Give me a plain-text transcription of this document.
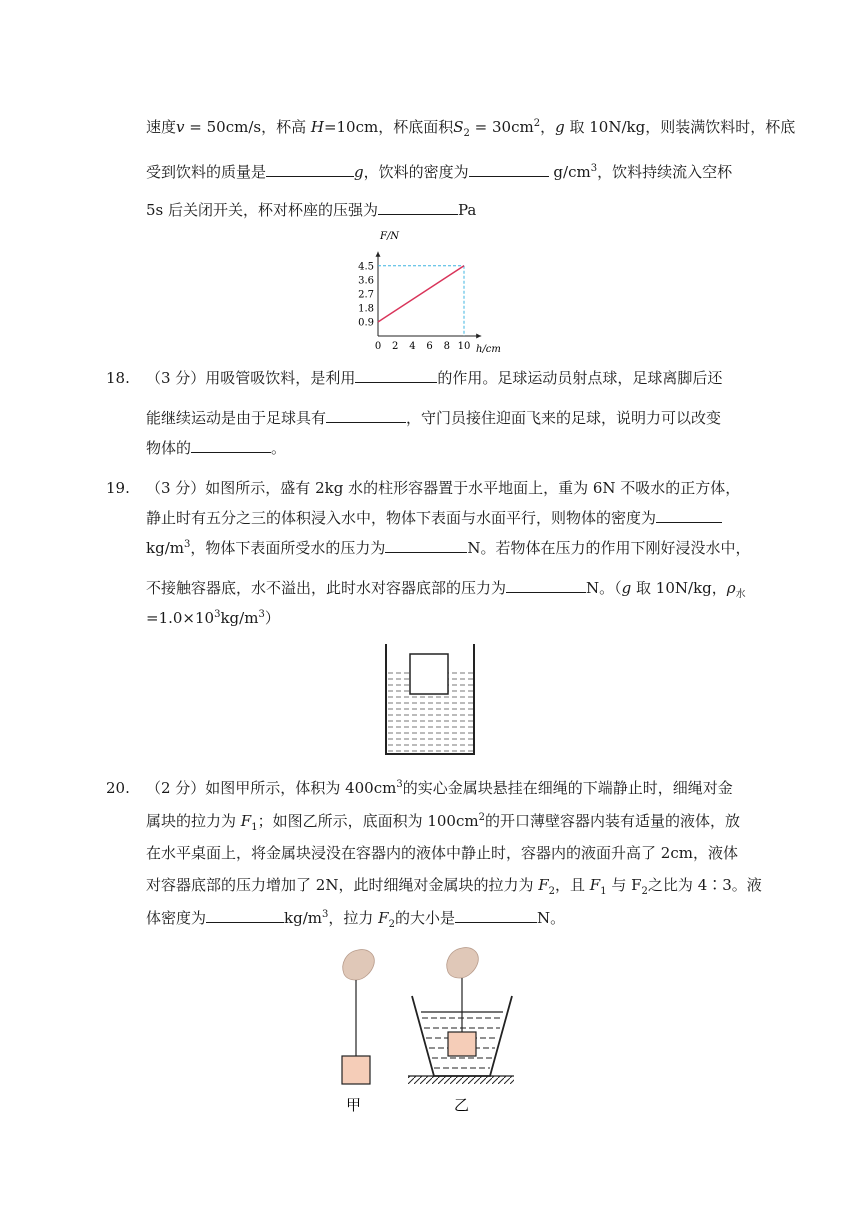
速度v = 50cm/s，杯高 H=10cm，杯底面积$S_2 = 30cm^2$，g 取 10N/kg，则装满饮料时，杯底
受到饮料的质量是	g，饮料的密度为	$g/cm^3$，饮料持续流入空杯
5s 后关闭开关，杯对杯座的压强为	Pa
4.5
3.6
2.7
1.8
0.9
0 2 4 6 8 10
F/N
h/cm
18. （3 分）用吸管吸饮料，是利用	的作用。足球运动员射点球，足球离脚后还
能继续运动是由于足球具有	，守门员接住迎面飞来的足球，说明力可以改变
物体的	。
19. （3 分）如图所示，盛有 2kg 水的柱形容器置于水平地面上，重为 6N 不吸水的正方体，
静止时有五分之三的体积浸入水中，物体下表面与水面平行，则物体的密度为
$kg/m^3$，物体下表面所受水的压力为	N。若物体在压力的作用下刚好浸没水中，
不接触容器底，水不溢出，此时水对容器底部的压力为	N。（g 取 10N/kg，$\rho_水$
$=1.0\times 10^3kg/m^3$）
20. （2 分）如图甲所示，体积为 $400cm^3$的实心金属块悬挂在细绳的下端静止时，细绳对金
属块的拉力为 $F_1$；如图乙所示，底面积为 $100cm^2$的开口薄壁容器内装有适量的液体，放
在水平桌面上，将金属块浸没在容器内的液体中静止时，容器内的液面升高了 2cm，液体
对容器底部的压力增加了 2N，此时细绳对金属块的拉力为 $F_2$，且 $F_1$ 与 $F_2$之比为 4∶3。液
体密度为	$kg/m^3$，拉力 $F_2$的大小是	N。
甲	乙
